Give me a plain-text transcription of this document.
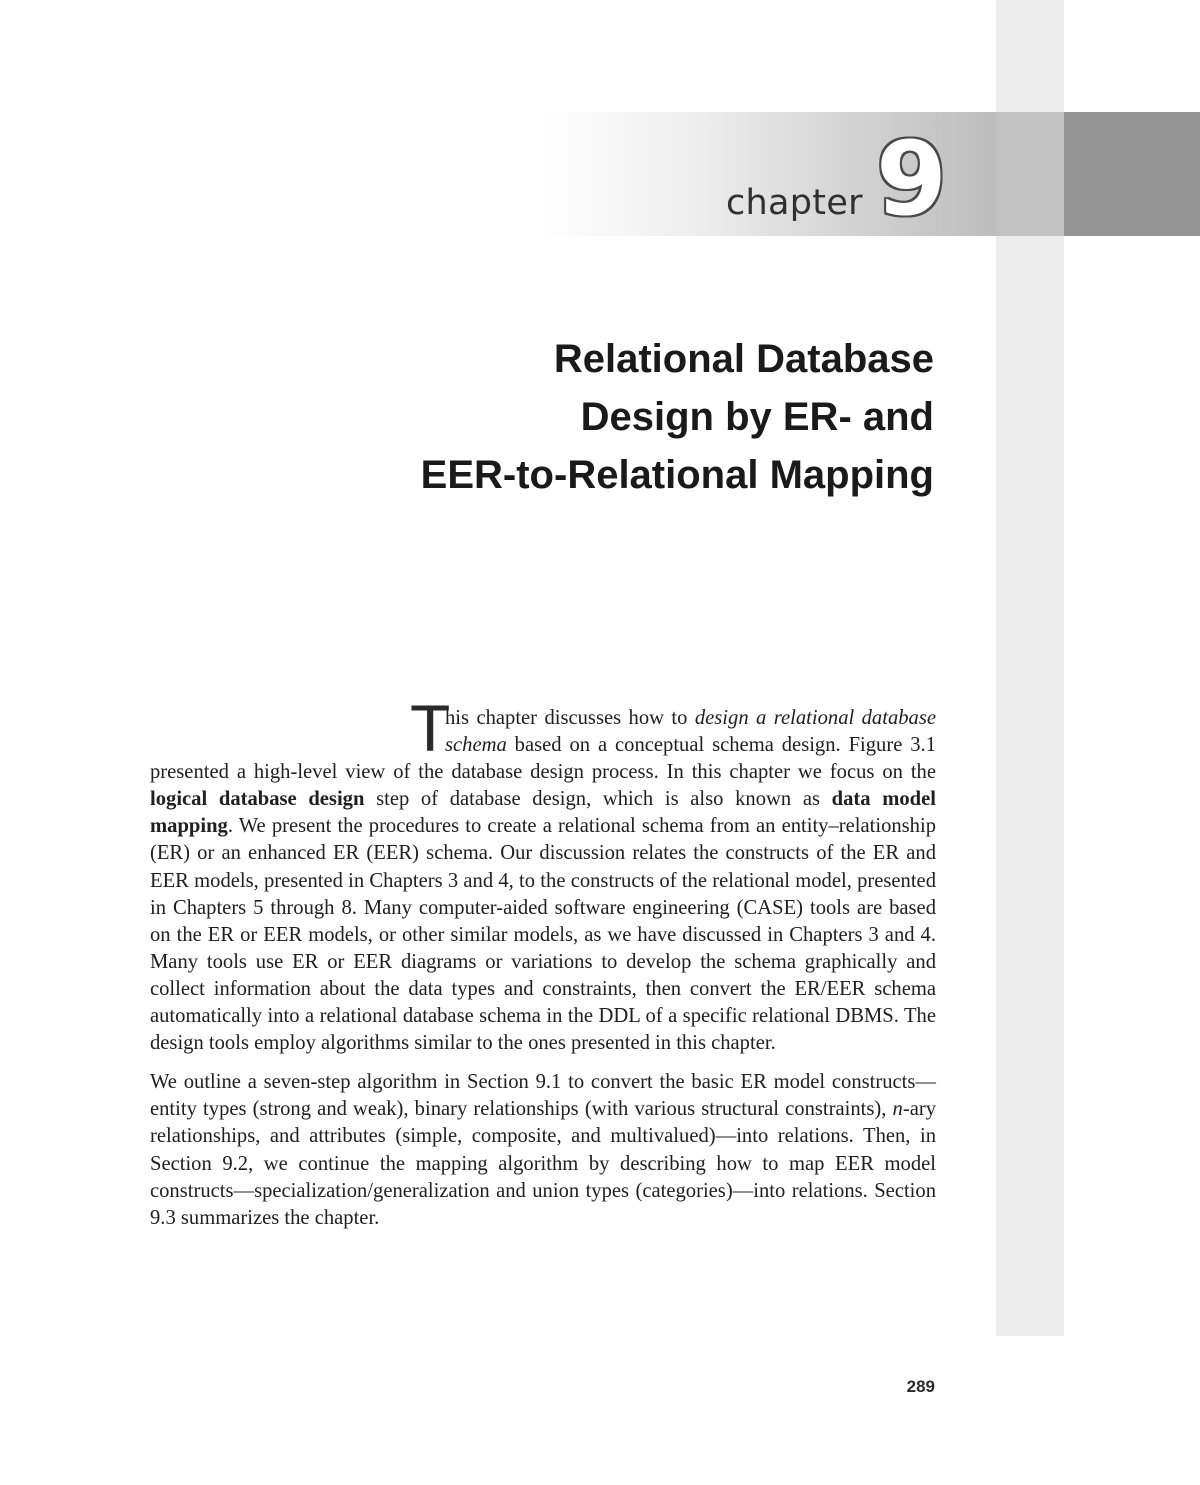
chapter 9
Relational Database
Design by ER- and
EER-to-Relational Mapping

T
his chapter discusses how to design a relational database schema based on a conceptual schema design. Figure 3.1 presented a high-level view of the database design process. In this chapter we focus on the logical database design step of database design, which is also known as data model mapping. We present the procedures to create a relational schema from an entity–relationship (ER) or an enhanced ER (EER) schema. Our discussion relates the constructs of the ER and EER models, presented in Chapters 3 and 4, to the constructs of the relational model, presented in Chapters 5 through 8. Many computer-aided software engineering (CASE) tools are based on the ER or EER models, or other similar models, as we have discussed in Chapters 3 and 4. Many tools use ER or EER diagrams or variations to develop the schema graphically and collect information about the data types and constraints, then convert the ER/EER schema automatically into a relational database schema in the DDL of a specific relational DBMS. The design tools employ algorithms similar to the ones presented in this chapter.

We outline a seven-step algorithm in Section 9.1 to convert the basic ER model constructs—entity types (strong and weak), binary relationships (with various structural constraints), n-ary relationships, and attributes (simple, composite, and multivalued)—into relations. Then, in Section 9.2, we continue the mapping algorithm by describing how to map EER model constructs—specialization/generalization and union types (categories)—into relations. Section 9.3 summarizes the chapter.

289
